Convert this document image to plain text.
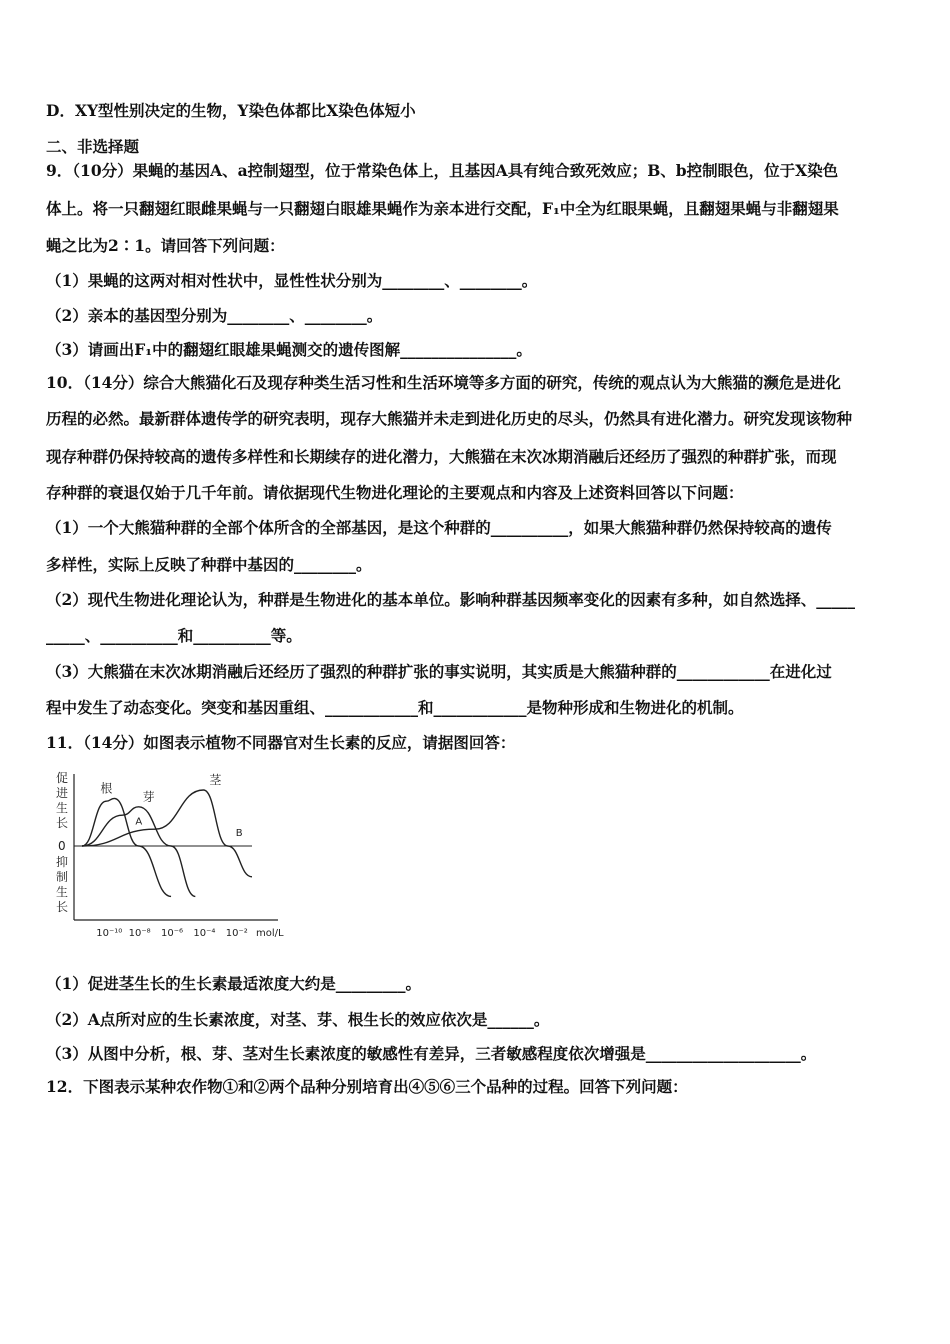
D．XY型性别决定的生物，Y染色体都比X染色体短小
二、非选择题
9．（10分）果蝇的基因A、a控制翅型，位于常染色体上，且基因A具有纯合致死效应；B、b控制眼色，位于X染色
体上。将一只翻翅红眼雌果蝇与一只翻翅白眼雄果蝇作为亲本进行交配，F₁中全为红眼果蝇，且翻翅果蝇与非翻翅果
蝇之比为2∶1。请回答下列问题：
（1）果蝇的这两对相对性状中，显性性状分别为________、________。
（2）亲本的基因型分别为________、________。
（3）请画出F₁中的翻翅红眼雄果蝇测交的遗传图解_______________。
10．（14分）综合大熊猫化石及现存种类生活习性和生活环境等多方面的研究，传统的观点认为大熊猫的濒危是进化
历程的必然。最新群体遗传学的研究表明，现存大熊猫并未走到进化历史的尽头，仍然具有进化潜力。研究发现该物种
现存种群仍保持较高的遗传多样性和长期续存的进化潜力，大熊猫在末次冰期消融后还经历了强烈的种群扩张，而现
存种群的衰退仅始于几千年前。请依据现代生物进化理论的主要观点和内容及上述资料回答以下问题：
（1）一个大熊猫种群的全部个体所含的全部基因，是这个种群的__________，如果大熊猫种群仍然保持较高的遗传
多样性，实际上反映了种群中基因的________。
（2）现代生物进化理论认为，种群是生物进化的基本单位。影响种群基因频率变化的因素有多种，如自然选择、_____
_____、__________和__________等。
（3）大熊猫在末次冰期消融后还经历了强烈的种群扩张的事实说明，其实质是大熊猫种群的____________在进化过
程中发生了动态变化。突变和基因重组、____________和____________是物种形成和生物进化的机制。
11．（14分）如图表示植物不同器官对生长素的反应，请据图回答：
促
进
生
长
0
抑
制
生
长
根
芽
茎
A
B
10⁻¹⁰ 10⁻⁸ 10⁻⁶ 10⁻⁴ 10⁻² mol/L
（1）促进茎生长的生长素最适浓度大约是_________。
（2）A点所对应的生长素浓度，对茎、芽、根生长的效应依次是______。
（3）从图中分析，根、芽、茎对生长素浓度的敏感性有差异，三者敏感程度依次增强是____________________。
12．下图表示某种农作物①和②两个品种分别培育出④⑤⑥三个品种的过程。回答下列问题：
